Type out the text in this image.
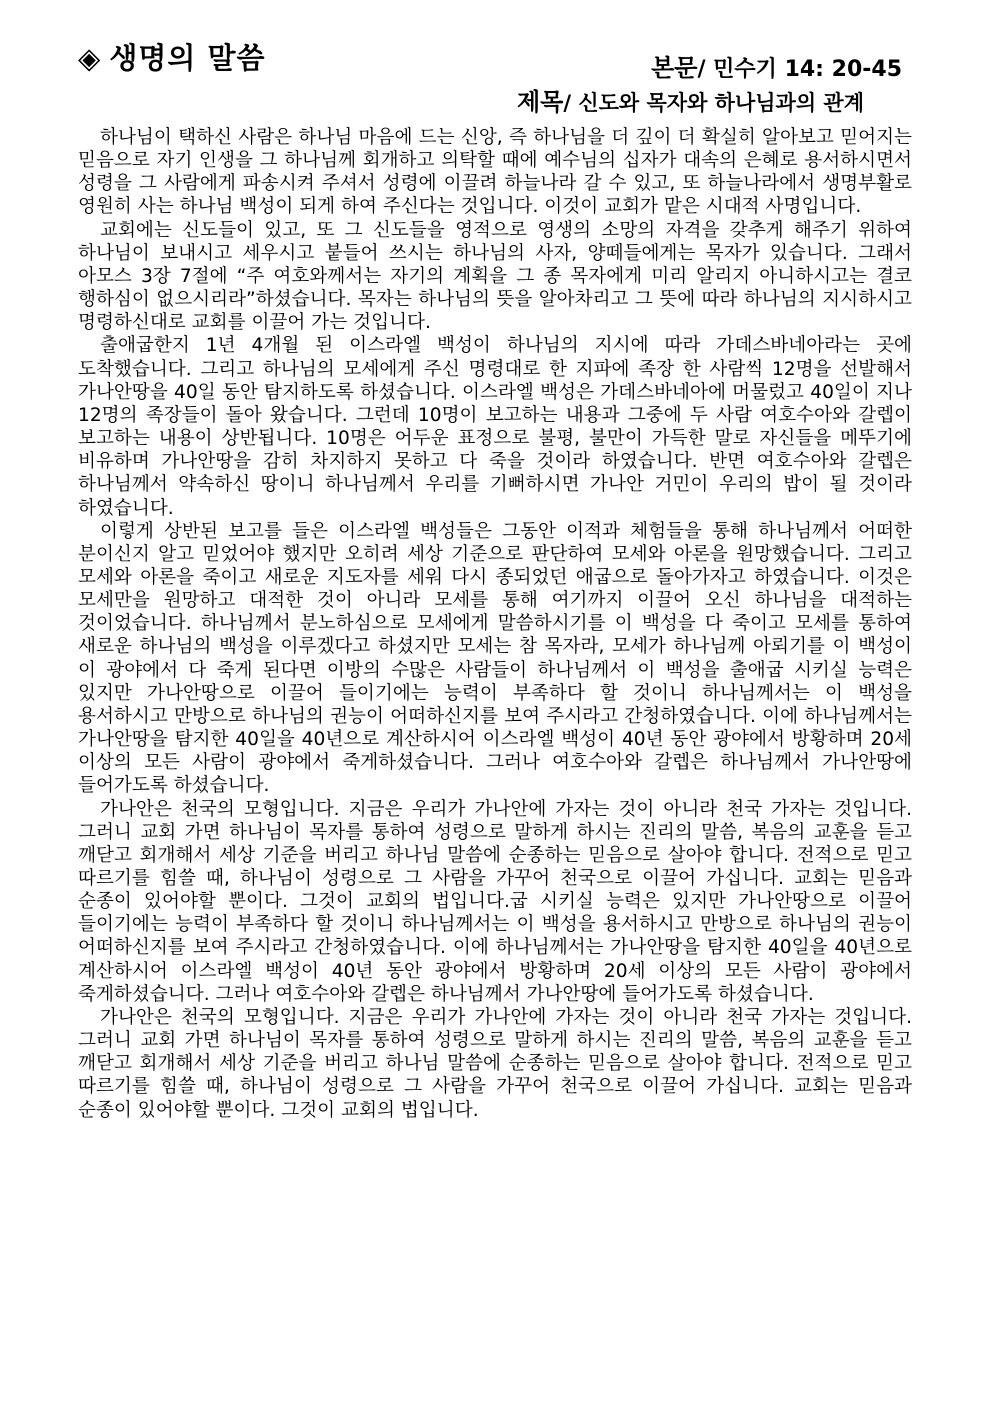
◈ 생명의 말씀	본문/ 민수기 14: 20-45
제목/ 신도와 목자와 하나님과의 관계

하나님이 택하신 사람은 하나님 마음에 드는 신앙, 즉 하나님을 더 깊이 더 확실히 알아보고 믿어지는 믿음으로 자기 인생을 그 하나님께 회개하고 의탁할 때에 예수님의 십자가 대속의 은혜로 용서하시면서 성령을 그 사람에게 파송시켜 주셔서 성령에 이끌려 하늘나라 갈 수 있고, 또 하늘나라에서 생명부활로 영원히 사는 하나님 백성이 되게 하여 주신다는 것입니다. 이것이 교회가 맡은 시대적 사명입니다.

교회에는 신도들이 있고, 또 그 신도들을 영적으로 영생의 소망의 자격을 갖추게 해주기 위하여 하나님이 보내시고 세우시고 붙들어 쓰시는 하나님의 사자, 양떼들에게는 목자가 있습니다. 그래서 아모스 3장 7절에 “주 여호와께서는 자기의 계획을 그 종 목자에게 미리 알리지 아니하시고는 결코 행하심이 없으시리라”하셨습니다. 목자는 하나님의 뜻을 알아차리고 그 뜻에 따라 하나님의 지시하시고 명령하신대로 교회를 이끌어 가는 것입니다.

출애굽한지 1년 4개월 된 이스라엘 백성이 하나님의 지시에 따라 가데스바네아라는 곳에 도착했습니다. 그리고 하나님의 모세에게 주신 명령대로 한 지파에 족장 한 사람씩 12명을 선발해서 가나안땅을 40일 동안 탐지하도록 하셨습니다. 이스라엘 백성은 가데스바네아에 머물렀고 40일이 지나 12명의 족장들이 돌아 왔습니다. 그런데 10명이 보고하는 내용과 그중에 두 사람 여호수아와 갈렙이 보고하는 내용이 상반됩니다. 10명은 어두운 표정으로 불평, 불만이 가득한 말로 자신들을 메뚜기에 비유하며 가나안땅을 감히 차지하지 못하고 다 죽을 것이라 하였습니다. 반면 여호수아와 갈렙은 하나님께서 약속하신 땅이니 하나님께서 우리를 기뻐하시면 가나안 거민이 우리의 밥이 될 것이라 하였습니다.

이렇게 상반된 보고를 들은 이스라엘 백성들은 그동안 이적과 체험들을 통해 하나님께서 어떠한 분이신지 알고 믿었어야 했지만 오히려 세상 기준으로 판단하여 모세와 아론을 원망했습니다. 그리고 모세와 아론을 죽이고 새로운 지도자를 세워 다시 종되었던 애굽으로 돌아가자고 하였습니다. 이것은 모세만을 원망하고 대적한 것이 아니라 모세를 통해 여기까지 이끌어 오신 하나님을 대적하는 것이었습니다. 하나님께서 분노하심으로 모세에게 말씀하시기를 이 백성을 다 죽이고 모세를 통하여 새로운 하나님의 백성을 이루겠다고 하셨지만 모세는 참 목자라, 모세가 하나님께 아뢰기를 이 백성이 이 광야에서 다 죽게 된다면 이방의 수많은 사람들이 하나님께서 이 백성을 출애굽 시키실 능력은 있지만 가나안땅으로 이끌어 들이기에는 능력이 부족하다 할 것이니 하나님께서는 이 백성을 용서하시고 만방으로 하나님의 권능이 어떠하신지를 보여 주시라고 간청하였습니다. 이에 하나님께서는 가나안땅을 탐지한 40일을 40년으로 계산하시어 이스라엘 백성이 40년 동안 광야에서 방황하며 20세 이상의 모든 사람이 광야에서 죽게하셨습니다. 그러나 여호수아와 갈렙은 하나님께서 가나안땅에 들어가도록 하셨습니다.

가나안은 천국의 모형입니다. 지금은 우리가 가나안에 가자는 것이 아니라 천국 가자는 것입니다. 그러니 교회 가면 하나님이 목자를 통하여 성령으로 말하게 하시는 진리의 말씀, 복음의 교훈을 듣고 깨닫고 회개해서 세상 기준을 버리고 하나님 말씀에 순종하는 믿음으로 살아야 합니다. 전적으로 믿고 따르기를 힘쓸 때, 하나님이 성령으로 그 사람을 가꾸어 천국으로 이끌어 가십니다. 교회는 믿음과 순종이 있어야할 뿐이다. 그것이 교회의 법입니다.굽 시키실 능력은 있지만 가나안땅으로 이끌어 들이기에는 능력이 부족하다 할 것이니 하나님께서는 이 백성을 용서하시고 만방으로 하나님의 권능이 어떠하신지를 보여 주시라고 간청하였습니다. 이에 하나님께서는 가나안땅을 탐지한 40일을 40년으로 계산하시어 이스라엘 백성이 40년 동안 광야에서 방황하며 20세 이상의 모든 사람이 광야에서 죽게하셨습니다. 그러나 여호수아와 갈렙은 하나님께서 가나안땅에 들어가도록 하셨습니다.

가나안은 천국의 모형입니다. 지금은 우리가 가나안에 가자는 것이 아니라 천국 가자는 것입니다. 그러니 교회 가면 하나님이 목자를 통하여 성령으로 말하게 하시는 진리의 말씀, 복음의 교훈을 듣고 깨닫고 회개해서 세상 기준을 버리고 하나님 말씀에 순종하는 믿음으로 살아야 합니다. 전적으로 믿고 따르기를 힘쓸 때, 하나님이 성령으로 그 사람을 가꾸어 천국으로 이끌어 가십니다. 교회는 믿음과 순종이 있어야할 뿐이다. 그것이 교회의 법입니다.
